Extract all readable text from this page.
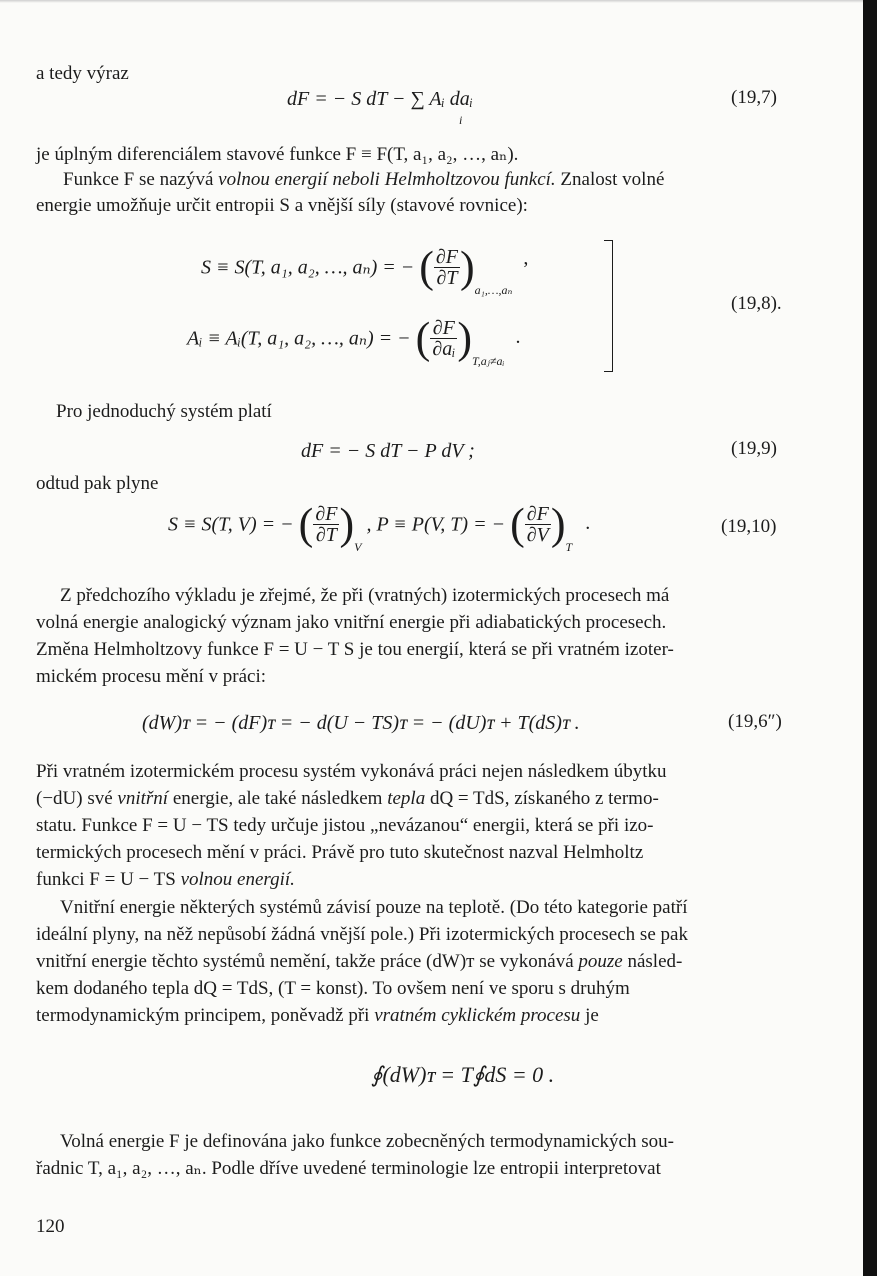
a tedy výraz
dF = − S dT − ∑ Aᵢ daᵢ
i
(19,7)
je úplným diferenciálem stavové funkce F ≡ F(T, a₁, a₂, …, aₙ).
Funkce F se nazývá volnou energií neboli Helmholtzovou funkcí. Znalost volné
energie umožňuje určit entropii S a vnější síly (stavové rovnice):
S ≡ S(T, a₁, a₂, …, aₙ) = − ( $\frac{\partial F}{\partial T} )_{a_1,\dots,a_n}$ ,
Aᵢ ≡ Aᵢ(T, a₁, a₂, …, aₙ) = − ( $\frac{\partial F}{\text{∂aᵢ}} )_{T,aⱼ\ne aᵢ}$ .
(19,8).
Pro jednoduchý systém platí
dF = − S dT − P dV ;	(19,9)
odtud pak plyne
S ≡ S(T, V) = − ( $\frac{\partial F}{\partial T} )_V$ , P ≡ P(V, T) = − ( $\frac{\partial F}{\partial V} )_T$ .	(19,10)
Z předchozího výkladu je zřejmé, že při (vratných) izotermických procesech má
volná energie analogický význam jako vnitřní energie při adiabatických procesech.
Změna Helmholtzovy funkce F = U − T S je tou energií, která se při vratném izoter-
mickém procesu mění v práci:
(dW)ᴛ = − (dF)ᴛ = − d(U − TS)ᴛ = − (dU)ᴛ + T(dS)ᴛ .	(19,6″)
Při vratném izotermickém procesu systém vykonává práci nejen následkem úbytku
(−dU) své vnitřní energie, ale také následkem tepla dQ = TdS, získaného z termo-
statu. Funkce F = U − TS tedy určuje jistou „nevázanou“ energii, která se při izo-
termických procesech mění v práci. Právě pro tuto skutečnost nazval Helmholtz
funkci F = U − TS volnou energií.
Vnitřní energie některých systémů závisí pouze na teplotě. (Do této kategorie patří
ideální plyny, na něž nepůsobí žádná vnější pole.) Při izotermických procesech se pak
vnitřní energie těchto systémů nemění, takže práce (dW)ᴛ se vykonává pouze násled-
kem dodaného tepla dQ = TdS, (T = konst). To ovšem není ve sporu s druhým
termodynamickým principem, poněvadž při vratném cyklickém procesu je
∮(dW)ᴛ = T∮dS = 0 .
Volná energie F je definována jako funkce zobecněných termodynamických sou-
řadnic T, a₁, a₂, …, aₙ. Podle dříve uvedené terminologie lze entropii interpretovat
120
